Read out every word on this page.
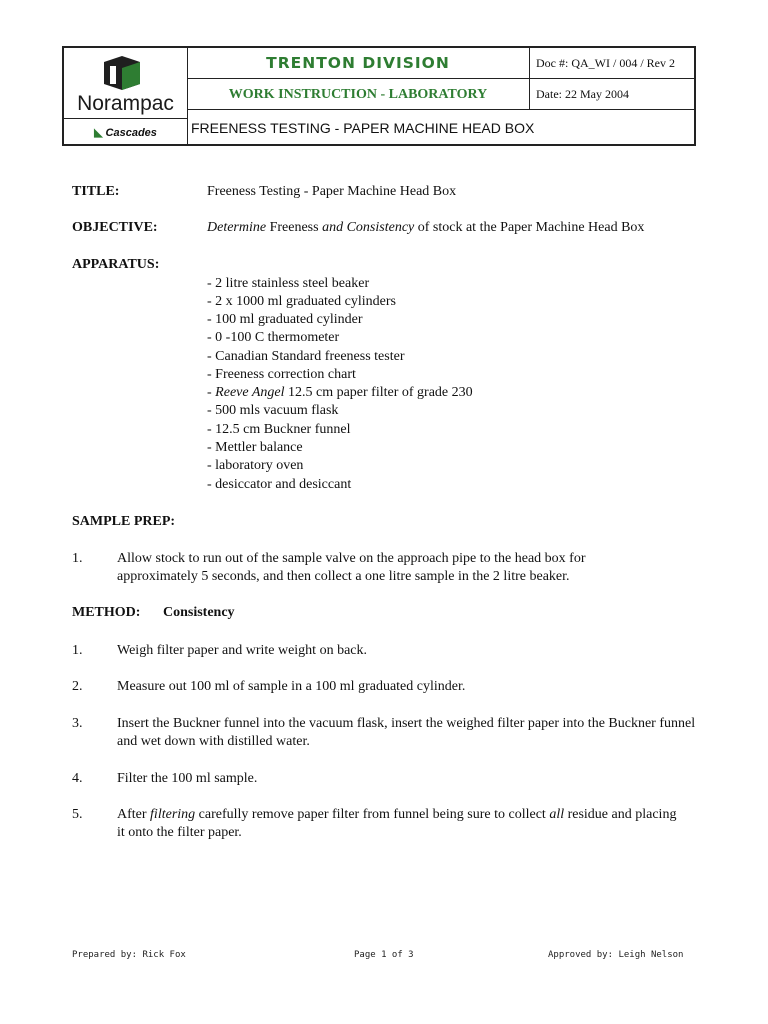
Norampac
◣ Cascades
TRENTON DIVISION	Doc #: QA_WI / 004 / Rev 2
WORK INSTRUCTION - LABORATORY	Date: 22 May 2004
FREENESS TESTING - PAPER MACHINE HEAD BOX
TITLE:	Freeness Testing - Paper Machine Head Box
OBJECTIVE:	Determine Freeness and Consistency of stock at the Paper Machine Head Box
APPARATUS:
- 2 litre stainless steel beaker
- 2 x 1000 ml graduated cylinders
- 100 ml graduated cylinder
- 0 -100 C thermometer
- Canadian Standard freeness tester
- Freeness correction chart
- Reeve Angel 12.5 cm paper filter of grade 230
- 500 mls vacuum flask
- 12.5 cm Buckner funnel
- Mettler balance
- laboratory oven
- desiccator and desiccant
SAMPLE PREP:
1. Allow stock to run out of the sample valve on the approach pipe to the head box for approximately 5 seconds, and then collect a one litre sample in the 2 litre beaker.
METHOD: Consistency
1. Weigh filter paper and write weight on back.
2. Measure out 100 ml of sample in a 100 ml graduated cylinder.
3. Insert the Buckner funnel into the vacuum flask, insert the weighed filter paper into the Buckner funnel and wet down with distilled water.
4. Filter the 100 ml sample.
5. After filtering carefully remove paper filter from funnel being sure to collect all residue and placing it onto the filter paper.
Prepared by: Rick Fox	Page 1 of 3	Approved by: Leigh Nelson
